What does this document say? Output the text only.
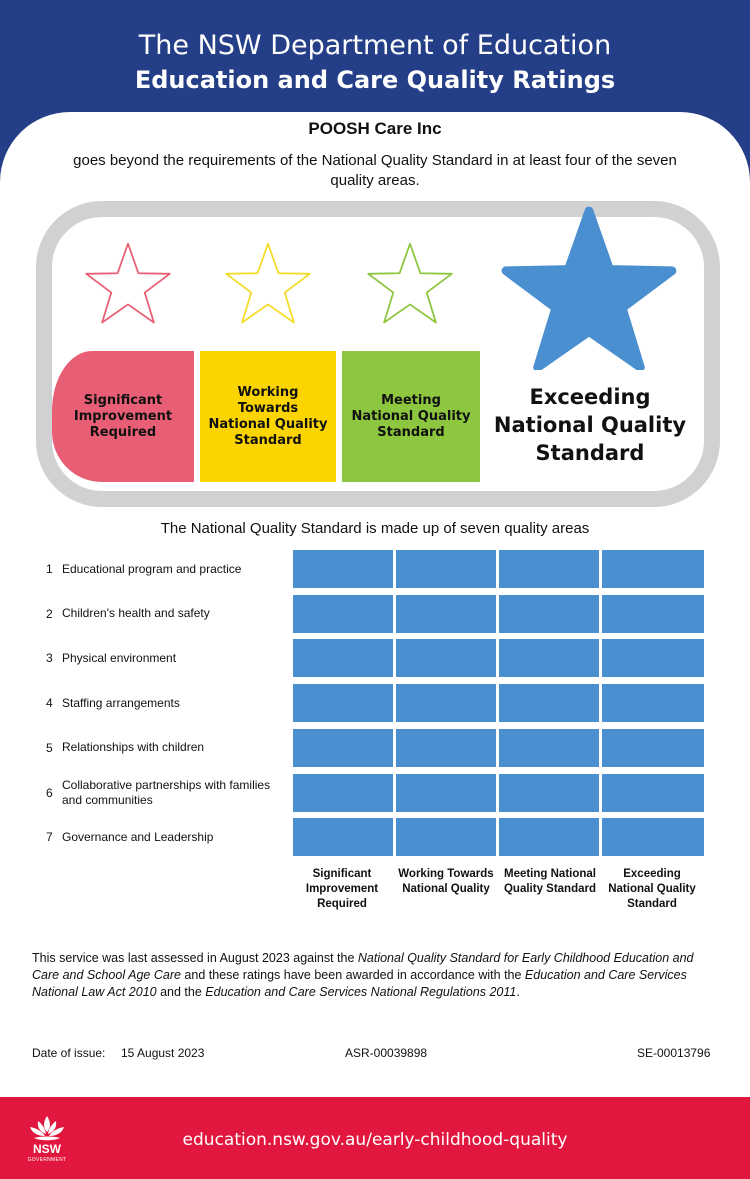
The NSW Department of Education
Education and Care Quality Ratings
POOSH Care Inc
goes beyond the requirements of the National Quality Standard in at least four of the seven quality areas.
Significant Improvement Required
Working Towards National Quality Standard
Meeting National Quality Standard
Exceeding National Quality Standard
The National Quality Standard is made up of seven quality areas
1 Educational program and practice
2 Children's health and safety
3 Physical environment
4 Staffing arrangements
5 Relationships with children
6
Collaborative partnerships with families and communities
7 Governance and Leadership
Significant Improvement Required
Working Towards National Quality
Meeting National Quality Standard
Exceeding National Quality Standard
This service was last assessed in August 2023 against the National Quality Standard for Early Childhood Education and Care and School Age Care and these ratings have been awarded in accordance with the Education and Care Services National Law Act 2010 and the Education and Care Services National Regulations 2011.
Date of issue: 15 August 2023	ASR-00039898	SE-00013796
NSW
GOVERNMENT
education.nsw.gov.au/early-childhood-quality
